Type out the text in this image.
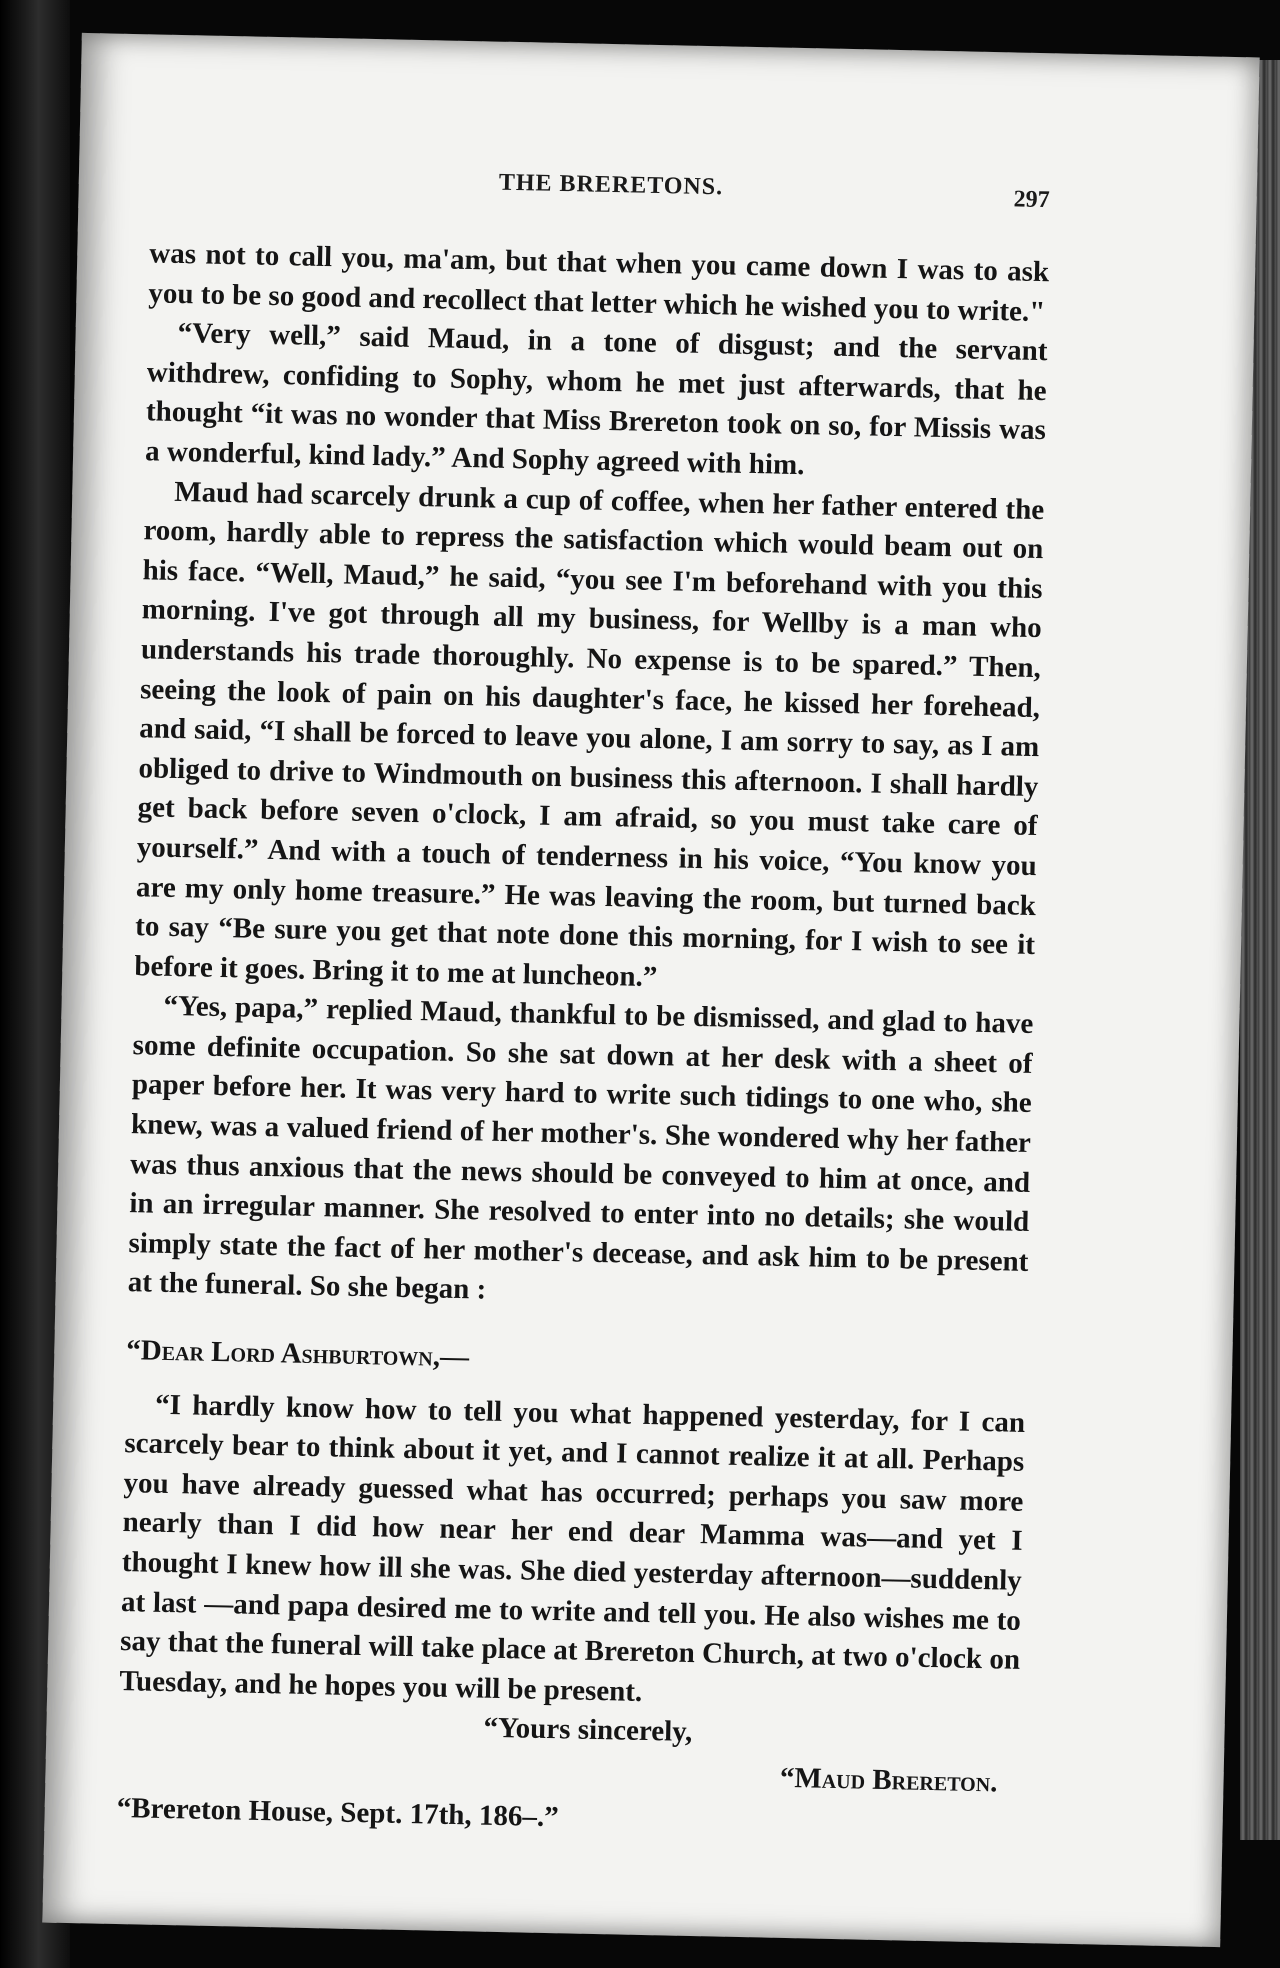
THE BRERETONS.	297

was not to call you, ma'am, but that when you came down I was to ask you to be so good and recollect that letter which he wished you to write."

“Very well,” said Maud, in a tone of disgust; and the servant withdrew, confiding to Sophy, whom he met just afterwards, that he thought “it was no wonder that Miss Brereton took on so, for Missis was a wonderful, kind lady.” And Sophy agreed with him.

Maud had scarcely drunk a cup of coffee, when her father entered the room, hardly able to repress the satisfaction which would beam out on his face. “Well, Maud,” he said, “you see I'm beforehand with you this morning. I've got through all my business, for Wellby is a man who understands his trade thoroughly. No expense is to be spared.” Then, seeing the look of pain on his daughter's face, he kissed her forehead, and said, “I shall be forced to leave you alone, I am sorry to say, as I am obliged to drive to Windmouth on business this afternoon. I shall hardly get back before seven o'clock, I am afraid, so you must take care of yourself.” And with a touch of tenderness in his voice, “You know you are my only home treasure.” He was leaving the room, but turned back to say “Be sure you get that note done this morning, for I wish to see it before it goes. Bring it to me at luncheon.”

“Yes, papa,” replied Maud, thankful to be dismissed, and glad to have some definite occupation. So she sat down at her desk with a sheet of paper before her. It was very hard to write such tidings to one who, she knew, was a valued friend of her mother's. She wondered why her father was thus anxious that the news should be conveyed to him at once, and in an irregular manner. She resolved to enter into no details; she would simply state the fact of her mother's decease, and ask him to be present at the funeral. So she began :

“Dear Lord Ashburtown,—

“I hardly know how to tell you what happened yesterday, for I can scarcely bear to think about it yet, and I cannot realize it at all. Perhaps you have already guessed what has occurred; perhaps you saw more nearly than I did how near her end dear Mamma was—and yet I thought I knew how ill she was. She died yesterday afternoon—suddenly at last —and papa desired me to write and tell you. He also wishes me to say that the funeral will take place at Brereton Church, at two o'clock on Tuesday, and he hopes you will be present.

“Yours sincerely,

“Maud Brereton.

“Brereton House, Sept. 17th, 186–.”
